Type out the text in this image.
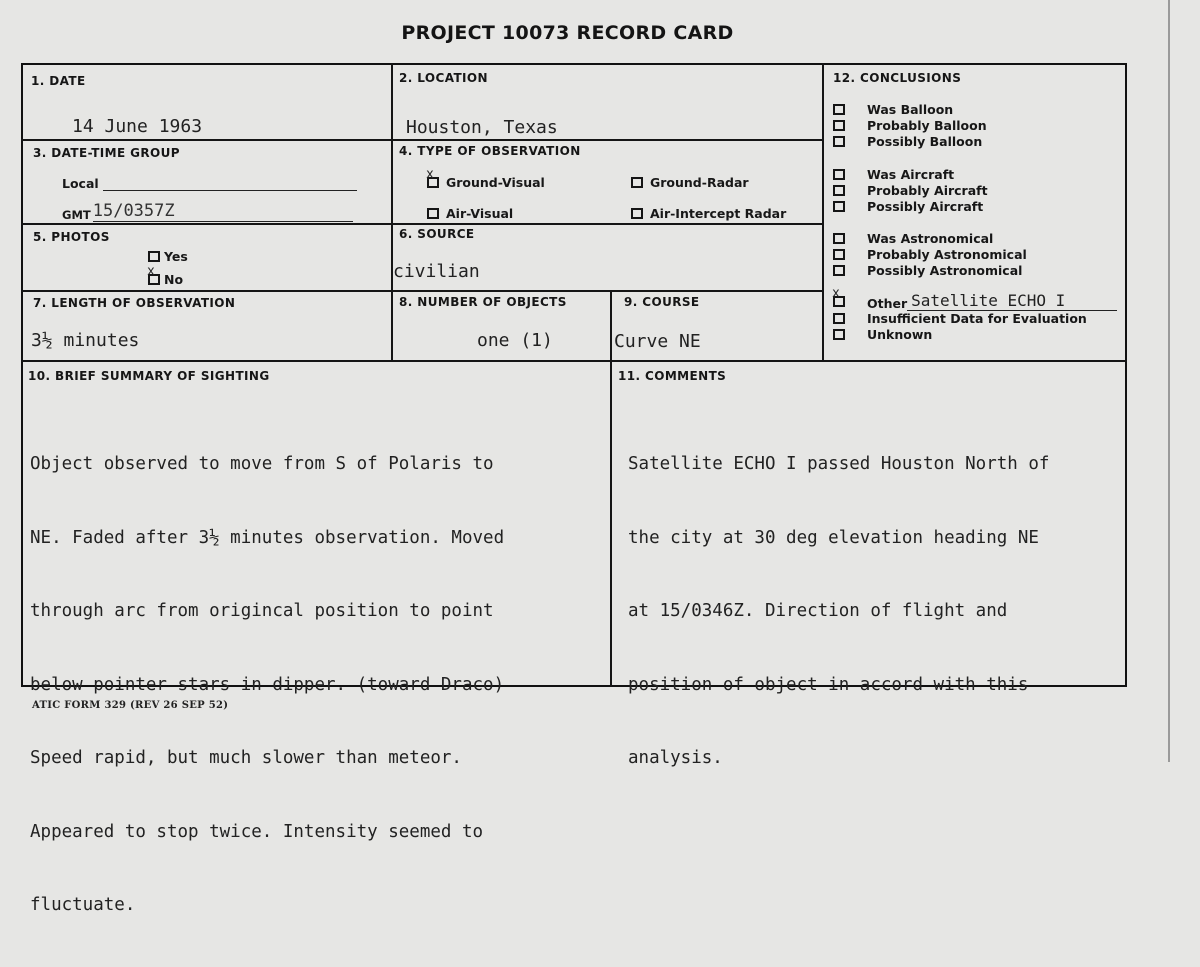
PROJECT 10073 RECORD CARD
1. DATE
14 June 1963
2. LOCATION
Houston, Texas
3. DATE-TIME GROUP
Local
GMT 15/0357Z
4. TYPE OF OBSERVATION
x
Ground-Visual	Ground-Radar
Air-Visual	Air-Intercept Radar
5. PHOTOS
Yes
x
No
6. SOURCE
civilian
7. LENGTH OF OBSERVATION
3½ minutes
8. NUMBER OF OBJECTS
one (1)
9. COURSE
Curve NE
12. CONCLUSIONS
Was Balloon
Probably Balloon
Possibly Balloon
Was Aircraft
Probably Aircraft
Possibly Aircraft
Was Astronomical
Probably Astronomical
Possibly Astronomical
x
Other Satellite ECHO I
Insufficient Data for Evaluation
Unknown
10. BRIEF SUMMARY OF SIGHTING

Object observed to move from S of Polaris to

NE. Faded after 3½ minutes observation. Moved

through arc from origincal position to point

below pointer stars in dipper. (toward Draco)

Speed rapid, but much slower than meteor.

Appeared to stop twice. Intensity seemed to

fluctuate.

11. COMMENTS

Satellite ECHO I passed Houston North of

the city at 30 deg elevation heading NE

at 15/0346Z. Direction of flight and

position of object in accord with this

analysis.

ATIC FORM 329 (REV 26 SEP 52)
